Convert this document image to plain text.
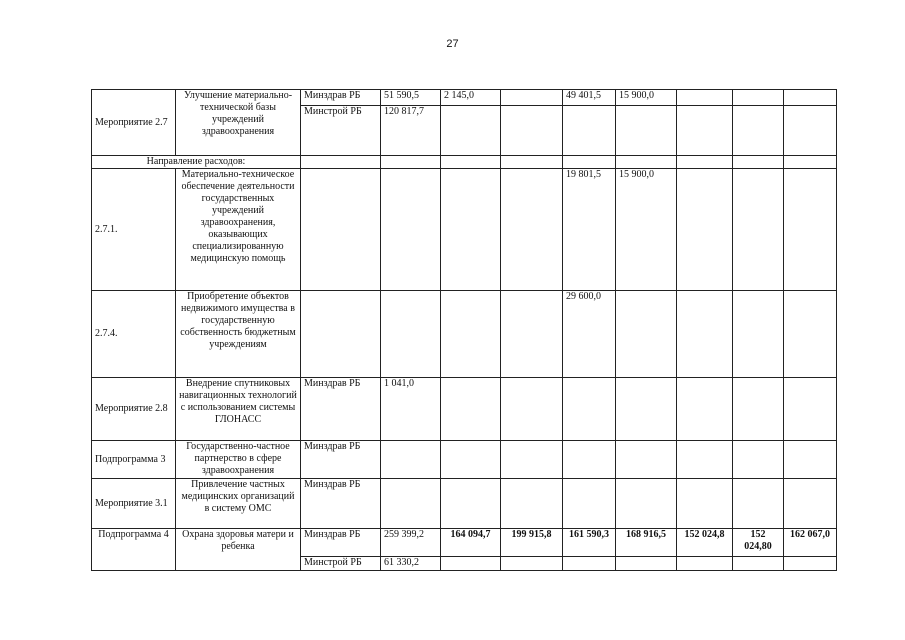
27
Мероприятие 2.7	Улучшение материально-технической базы учреждений здравоохранения	Минздрав РБ	51 590,5	2 145,0		49 401,5	15 900,0			
		Минстрой РБ	120 817,7							
Направление расходов:										
2.7.1.	Материально-техническое обеспечение деятельности государственных учреждений здравоохранения, оказывающих специализированную медицинскую помощь					19 801,5	15 900,0			
2.7.4.	Приобретение объектов недвижимого имущества в государственную собственность бюджетным учреждениям					29 600,0				
Мероприятие 2.8	Внедрение спутниковых навигационных технологий с использованием системы ГЛОНАСС	Минздрав РБ	1 041,0							
Подпрограмма 3	Государственно-частное партнерство в сфере здравоохранения	Минздрав РБ								
Мероприятие 3.1	Привлечение частных медицинских организаций в систему ОМС	Минздрав РБ								
Подпрограмма 4	Охрана здоровья матери и ребенка	Минздрав РБ	259 399,2	164 094,7	199 915,8	161 590,3	168 916,5	152 024,8	152 024,80	162 067,0
		Минстрой РБ	61 330,2							
